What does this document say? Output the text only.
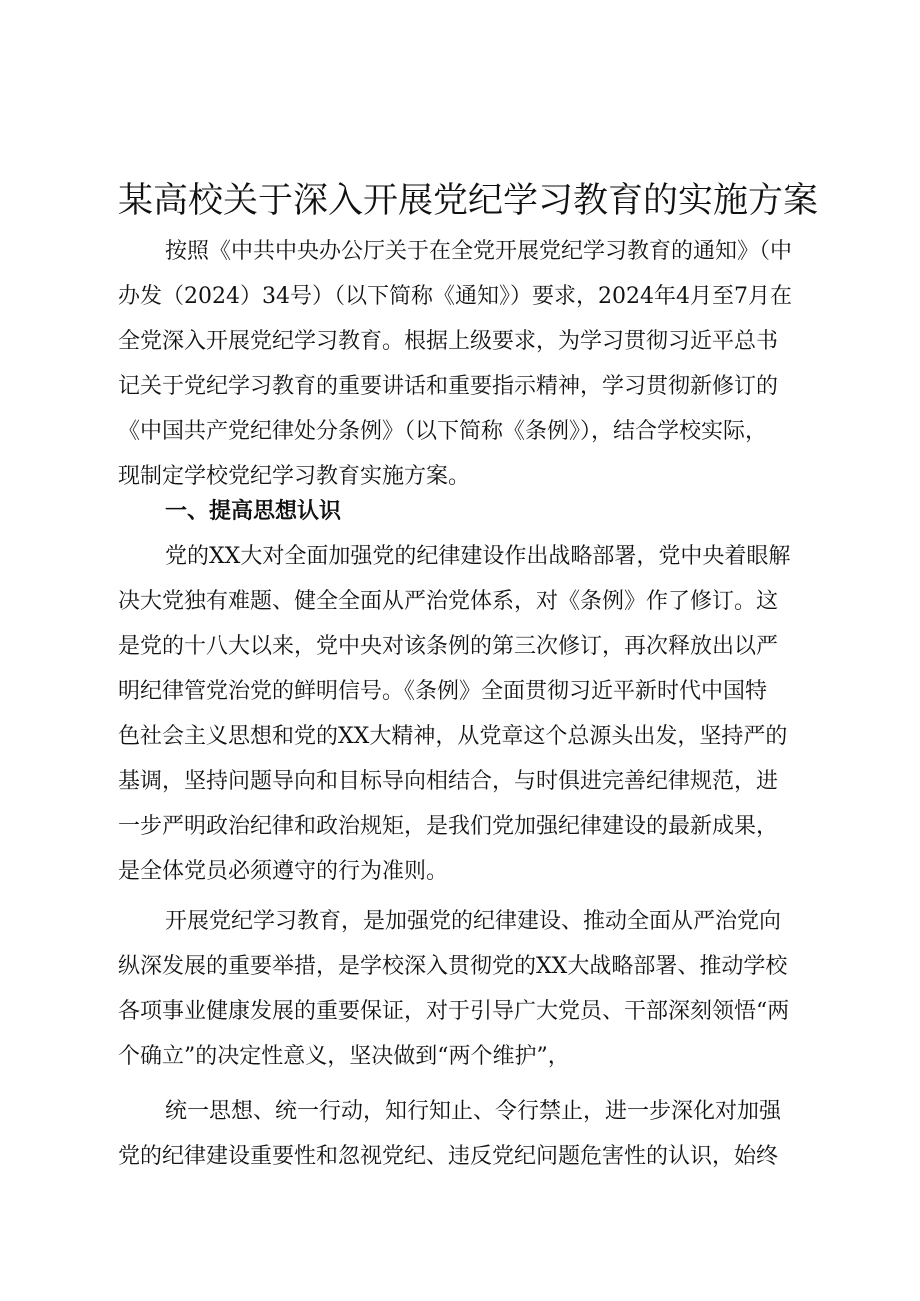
某高校关于深入开展党纪学习教育的实施方案

按照《中共中央办公厅关于在全党开展党纪学习教育的通知》（中

办发（2024）34号）（以下简称《通知》）要求，2024年4月至7月在

全党深入开展党纪学习教育。根据上级要求，为学习贯彻习近平总书

记关于党纪学习教育的重要讲话和重要指示精神，学习贯彻新修订的

《中国共产党纪律处分条例》（以下简称《条例》），结合学校实际，

现制定学校党纪学习教育实施方案。

一、提高思想认识

党的XX大对全面加强党的纪律建设作出战略部署，党中央着眼解

决大党独有难题、健全全面从严治党体系，对《条例》作了修订。这

是党的十八大以来，党中央对该条例的第三次修订，再次释放出以严

明纪律管党治党的鲜明信号。《条例》全面贯彻习近平新时代中国特

色社会主义思想和党的XX大精神，从党章这个总源头出发，坚持严的

基调，坚持问题导向和目标导向相结合，与时俱进完善纪律规范，进

一步严明政治纪律和政治规矩，是我们党加强纪律建设的最新成果，

是全体党员必须遵守的行为准则。

开展党纪学习教育，是加强党的纪律建设、推动全面从严治党向

纵深发展的重要举措，是学校深入贯彻党的XX大战略部署、推动学校

各项事业健康发展的重要保证，对于引导广大党员、干部深刻领悟“两

个确立”的决定性意义，坚决做到“两个维护”，

统一思想、统一行动，知行知止、令行禁止，进一步深化对加强

党的纪律建设重要性和忽视党纪、违反党纪问题危害性的认识，始终
